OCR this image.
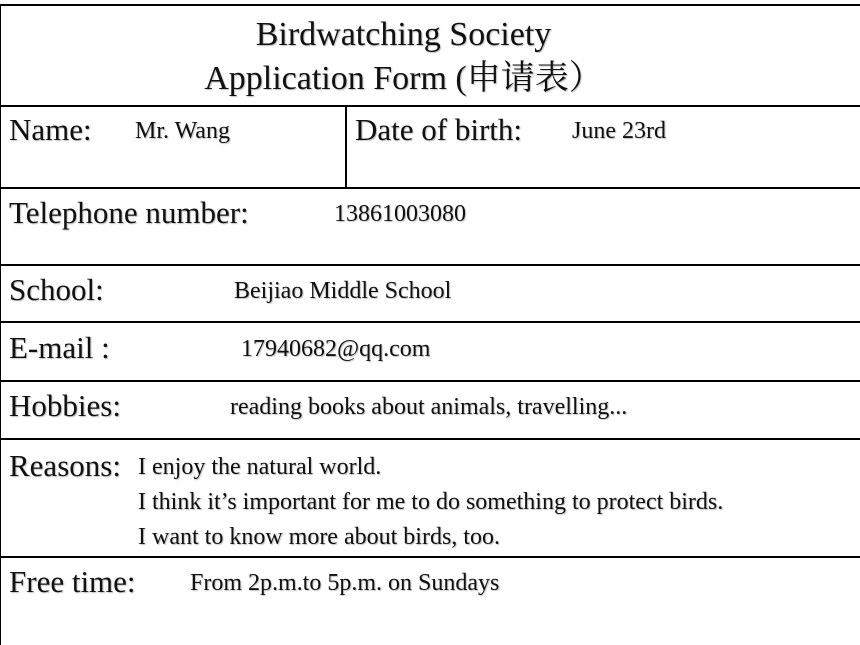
Birdwatching Society
Application Form (申请表）
Name: Mr. Wang	Date of birth: June 23rd
Telephone number:	13861003080
School:	Beijiao Middle School
E-mail :	17940682@qq.com
Hobbies:	reading books about animals, travelling...
Reasons: I enjoy the natural world.
I think it’s important for me to do something to protect birds.
I want to know more about birds, too.
Free time: From 2p.m.to 5p.m. on Sundays
